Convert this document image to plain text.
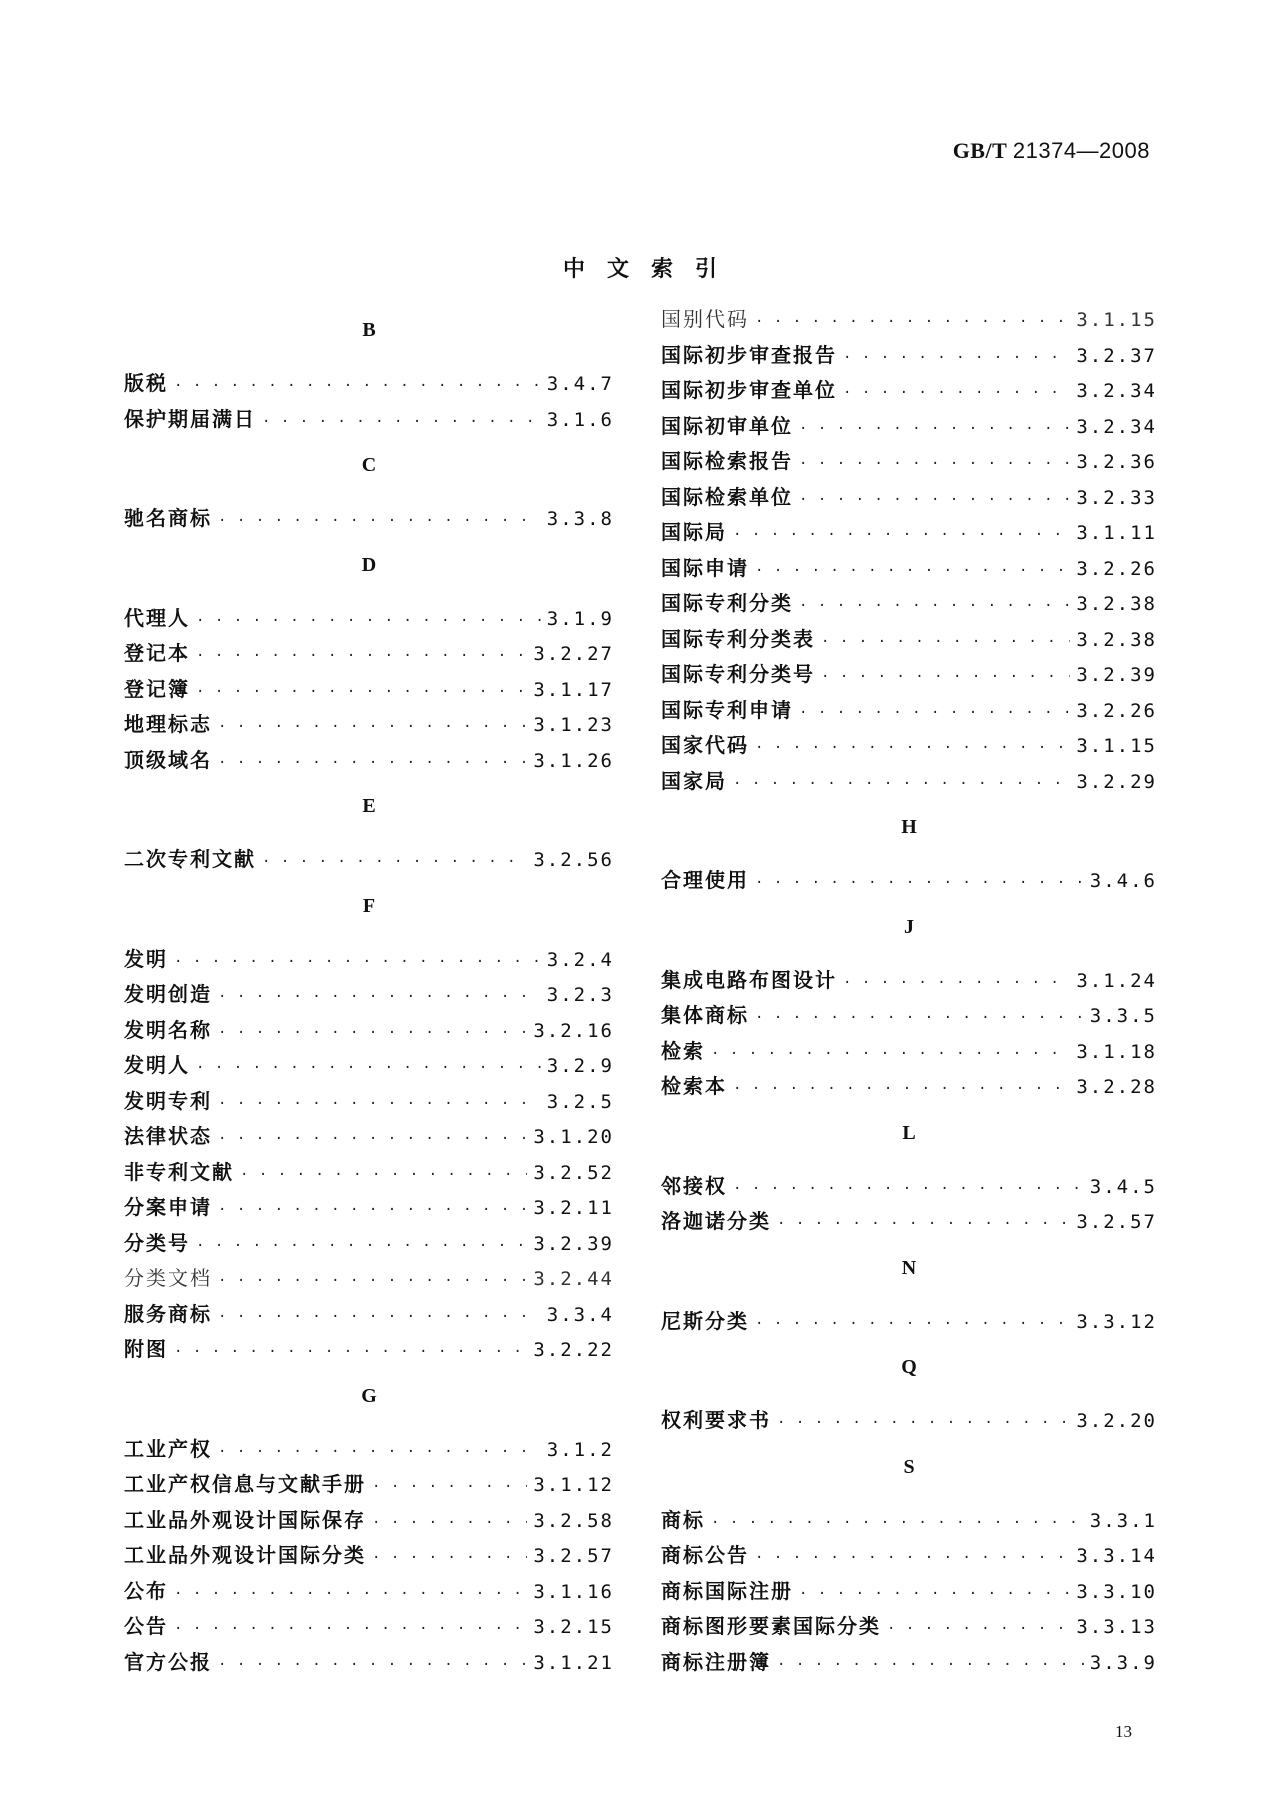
GB/T 21374—2008
中文索引
B
版税 · · ·	3.4.7
保护期届满日 · · ·	3.1.6
C
驰名商标 · · ·	3.3.8
D
代理人 · · ·	3.1.9
登记本 · · ·	3.2.27
登记簿 · · ·	3.1.17
地理标志 · · ·	3.1.23
顶级域名 · · ·	3.1.26
E
二次专利文献 · · ·	3.2.56
F
发明 · · ·	3.2.4
发明创造 · · ·	3.2.3
发明名称 · · ·	3.2.16
发明人 · · ·	3.2.9
发明专利 · · ·	3.2.5
法律状态 · · ·	3.1.20
非专利文献 · · ·	3.2.52
分案申请 · · ·	3.2.11
分类号 · · ·	3.2.39
分类文档 · · ·	3.2.44
服务商标 · · ·	3.3.4
附图 · · ·	3.2.22
G
工业产权 · · ·	3.1.2
工业产权信息与文献手册 · · ·	3.1.12
工业品外观设计国际保存 · · ·	3.2.58
工业品外观设计国际分类 · · ·	3.2.57
公布 · · ·	3.1.16
公告 · · ·	3.2.15
官方公报 · · ·	3.1.21
国别代码 · · ·	3.1.15
国际初步审查报告 · · ·	3.2.37
国际初步审查单位 · · ·	3.2.34
国际初审单位 · · ·	3.2.34
国际检索报告 · · ·	3.2.36
国际检索单位 · · ·	3.2.33
国际局 · · ·	3.1.11
国际申请 · · ·	3.2.26
国际专利分类 · · ·	3.2.38
国际专利分类表 · · ·	3.2.38
国际专利分类号 · · ·	3.2.39
国际专利申请 · · ·	3.2.26
国家代码 · · ·	3.1.15
国家局 · · ·	3.2.29
H
合理使用 · · ·	3.4.6
J
集成电路布图设计 · · ·	3.1.24
集体商标 · · ·	3.3.5
检索 · · ·	3.1.18
检索本 · · ·	3.2.28
L
邻接权 · · ·	3.4.5
洛迦诺分类 · · ·	3.2.57
N
尼斯分类 · · ·	3.3.12
Q
权利要求书 · · ·	3.2.20
S
商标 · · ·	3.3.1
商标公告 · · ·	3.3.14
商标国际注册 · · ·	3.3.10
商标图形要素国际分类 · · ·	3.3.13
商标注册簿 · · ·	3.3.9
13
